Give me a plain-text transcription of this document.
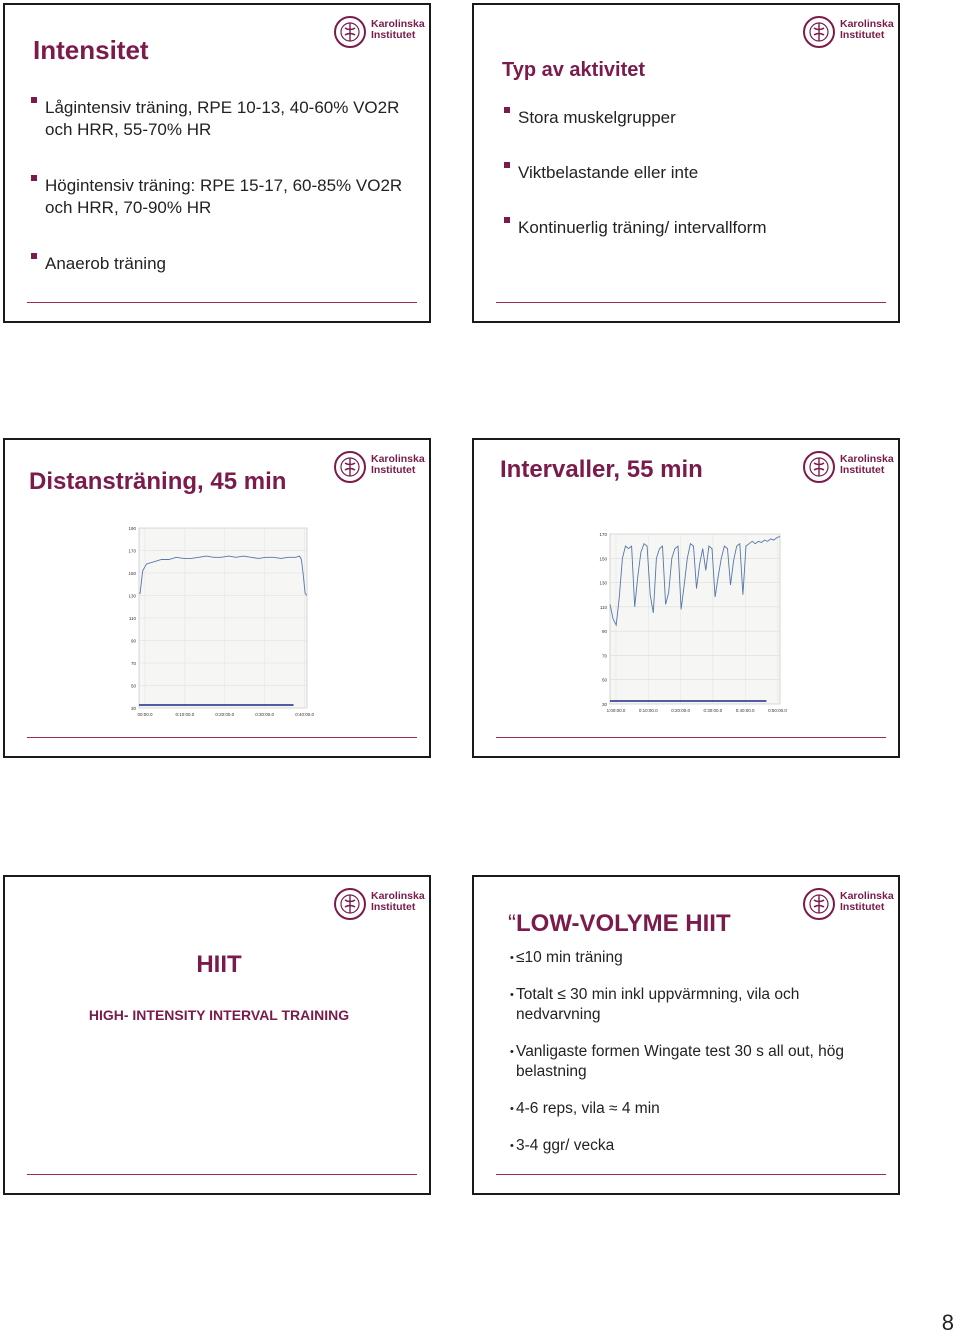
Karolinska
Institutet
Intensitet
Lågintensiv träning, RPE 10-13, 40-60% VO2R och HRR, 55-70% HR
Högintensiv träning: RPE 15-17, 60-85% VO2R och HRR, 70-90% HR
Anaerob träning
Karolinska
Institutet
Typ av aktivitet
Stora muskelgrupper
Viktbelastande eller inte
Kontinuerlig träning/ intervallform
Karolinska
Institutet
Distansträning, 45 min
190
170
150
130
110
90
70
50
30
00:00.0	0:10:00.0	0:20:00.0	0:30:00.0	0:40:00.0
Karolinska
Institutet
Intervaller, 55 min
170
150
130
110
90
70
50
30
1:00:00.0	0:10:00.0	0:20:00.0	0:30:00.0	0:40:00.0	0:50:00.0
Karolinska
Institutet
HIIT
HIGH- INTENSITY INTERVAL TRAINING
Karolinska
Institutet
“LOW-VOLYME HIIT
• ≤10 min träning
• Totalt ≤ 30 min inkl uppvärmning, vila och nedvarvning
• Vanligaste formen Wingate test 30 s all out, hög belastning
• 4-6 reps, vila ≈ 4 min
• 3-4 ggr/ vecka
8
